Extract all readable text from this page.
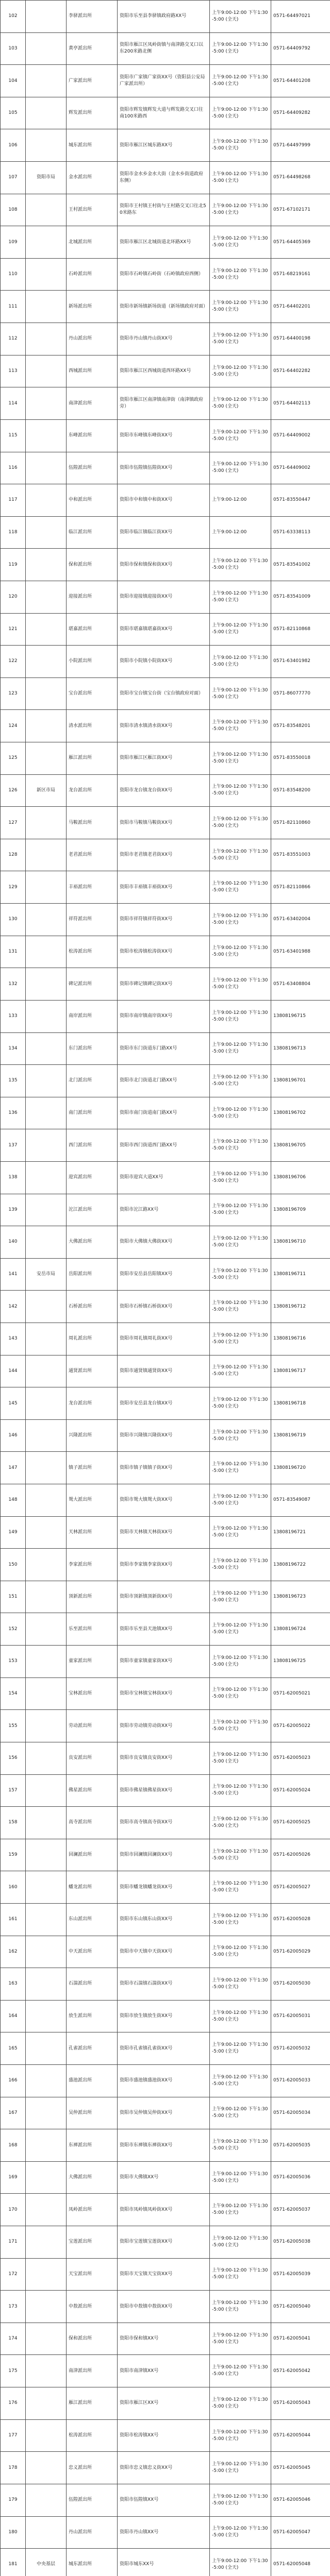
102		李驿派出所	资阳市乐至县李驿镇政府路XX号	上午9:00-12:00 下午1:30-5:00 (全天)	0571-64497021
103		黄亭派出所	资阳市雁江区凤岭街镇与南津路交叉口以东200米路北侧	上午9:00-12:00 下午1:30-5:00 (全天)	0571-64409792
104		广家派出所	资阳市广家镇广家街XX号（资阳县公安局广家派出所）	上午9:00-12:00 下午1:30-5:00 (全天)	0571-64401208
105		辉发派出所	资阳市辉发镇辉发大道与辉发路交叉口往南100米路西	上午9:00-12:00 下午1:30-5:00 (全天)	0571-64409282
106		城东派出所	资阳市雁江区城东路XX号	上午9:00-12:00 下午1:30-5:00 (全天)	0571-64497999
107	资阳市局	金水派出所	资阳市金水乡金水大街（金水乡街道政府东侧）	上午9:00-12:00 下午1:30-5:00 (全天)	0571-64498268
108		王村派出所	资阳市王村镇王村街与王村路交叉口往北50米路东	上午9:00-12:00 下午1:30-5:00 (全天)	0571-67102171
109		北城派出所	资阳市雁江区北城街道北环路XX号	上午9:00-12:00 下午1:30-5:00 (全天)	0571-64405369
110		石岭派出所	资阳市石岭镇石岭街（石岭镇政府西侧）	上午9:00-12:00 下午1:30-5:00 (全天)	0571-68219161
111		新场派出所	资阳市新场镇新场街道（新场镇政府对面）	上午9:00-12:00 下午1:30-5:00 (全天)	0571-64402201
112		丹山派出所	资阳市丹山镇丹山街XX号	上午9:00-12:00 下午1:30-5:00 (全天)	0571-64400198
113		西城派出所	资阳市雁江区西城街道西环路XX号	上午9:00-12:00 下午1:30-5:00 (全天)	0571-64402282
114		南津派出所	资阳市雁江区南津镇南津街（南津镇政府旁）	上午9:00-12:00 下午1:30-5:00 (全天)	0571-64402113
115		东峰派出所	资阳市东峰镇东峰街XX号	上午9:00-12:00 下午1:30-5:00 (全天)	0571-64409002
116		伍隍派出所	资阳市伍隍镇伍隍街XX号	上午9:00-12:00 下午1:30-5:00 (全天)	0571-64409002
117		中和派出所	资阳市中和镇中和街XX号	上午9:00-12:00	0571-83550447
118		临江派出所	资阳市临江镇临江街XX号	上午9:00-12:00	0571-63338113
119		保和派出所	资阳市保和镇保和街XX号	上午9:00-12:00 下午1:30-5:00 (全天)	0571-83541002
120		迎接派出所	资阳市迎接镇迎接街XX号	上午9:00-12:00 下午1:30-5:00 (全天)	0571-83541009
121		堪嘉派出所	资阳市堪嘉镇堪嘉街XX号	上午9:00-12:00 下午1:30-5:00 (全天)	0571-82110868
122		小院派出所	资阳市小院镇小院街XX号	上午9:00-12:00 下午1:30-5:00 (全天)	0571-63401982
123		宝台派出所	资阳市宝台镇宝台街（宝台镇政府对面）	上午9:00-12:00 下午1:30-5:00 (全天)	0571-86077770
124		清水派出所	资阳市清水镇清水街XX号	上午9:00-12:00 下午1:30-5:00 (全天)	0571-83548201
125		雁江派出所	资阳市雁江区雁江街XX号	上午9:00-12:00 下午1:30-5:00 (全天)	0571-83550018
126	新区市局	龙台派出所	资阳市龙台镇龙台街XX号	上午9:00-12:00 下午1:30-5:00 (全天)	0571-83548200
127		马鞍派出所	资阳市马鞍镇马鞍街XX号	上午9:00-12:00 下午1:30-5:00 (全天)	0571-82110860
128		老君派出所	资阳市老君镇老君街XX号	上午9:00-12:00 下午1:30-5:00 (全天)	0571-83551003
129		丰裕派出所	资阳市丰裕镇丰裕街XX号	上午9:00-12:00 下午1:30-5:00 (全天)	0571-82110866
130		祥符派出所	资阳市祥符镇祥符街XX号	上午9:00-12:00 下午1:30-5:00 (全天)	0571-63402004
131		松涛派出所	资阳市松涛镇松涛街XX号	上午9:00-12:00 下午1:30-5:00 (全天)	0571-63401988
132		碑记派出所	资阳市碑记镇碑记街XX号	上午9:00-12:00 下午1:30-5:00 (全天)	0571-63408804
133		南岸派出所	资阳市南岸镇南岸街XX号	上午9:00-12:00 下午1:30-5:00 (全天)	13808196715
134		东门派出所	资阳市东门街道东门路XX号	上午9:00-12:00 下午1:30-5:00 (全天)	13808196713
135		北门派出所	资阳市北门街道北门路XX号	上午9:00-12:00 下午1:30-5:00 (全天)	13808196701
136		南门派出所	资阳市南门街道南门路XX号	上午9:00-12:00 下午1:30-5:00 (全天)	13808196702
137		西门派出所	资阳市西门街道西门路XX号	上午9:00-12:00 下午1:30-5:00 (全天)	13808196705
138		迎宾派出所	资阳市迎宾大道XX号	上午9:00-12:00 下午1:30-5:00 (全天)	13808196706
139		沱江派出所	资阳市沱江路XX号	上午9:00-12:00 下午1:30-5:00 (全天)	13808196709
140		大佛派出所	资阳市大佛镇大佛街XX号	上午9:00-12:00 下午1:30-5:00 (全天)	13808196710
141	安岳市局	岳阳派出所	资阳市安岳县岳阳镇XX号	上午9:00-12:00 下午1:30-5:00 (全天)	13808196711
142		石桥派出所	资阳市石桥镇石桥街XX号	上午9:00-12:00 下午1:30-5:00 (全天)	13808196712
143		周礼派出所	资阳市周礼镇周礼街XX号	上午9:00-12:00 下午1:30-5:00 (全天)	13808196716
144		通贤派出所	资阳市通贤镇通贤街XX号	上午9:00-12:00 下午1:30-5:00 (全天)	13808196717
145		龙台派出所	资阳市安岳县龙台镇XX号	上午9:00-12:00 下午1:30-5:00 (全天)	13808196718
146		兴隆派出所	资阳市兴隆镇兴隆街XX号	上午9:00-12:00 下午1:30-5:00 (全天)	13808196719
147		镇子派出所	资阳市镇子镇镇子街XX号	上午9:00-12:00 下午1:30-5:00 (全天)	13808196720
148		鸳大派出所	资阳市鸳大镇鸳大街XX号	上午9:00-12:00 下午1:30-5:00 (全天)	0571-83549087
149		天林派出所	资阳市天林镇天林街XX号	上午9:00-12:00 下午1:30-5:00 (全天)	13808196721
150		李家派出所	资阳市李家镇李家街XX号	上午9:00-12:00 下午1:30-5:00 (全天)	13808196722
151		顶新派出所	资阳市顶新镇顶新街XX号	上午9:00-12:00 下午1:30-5:00 (全天)	13808196723
152		乐至派出所	资阳市乐至县天池镇XX号	上午9:00-12:00 下午1:30-5:00 (全天)	13808196724
153		童家派出所	资阳市童家镇童家街XX号	上午9:00-12:00 下午1:30-5:00 (全天)	13808196725
154		宝林派出所	资阳市宝林镇宝林街XX号	上午9:00-12:00 下午1:30-5:00 (全天)	0571-62005021
155		劳动派出所	资阳市劳动镇劳动街XX号	上午9:00-12:00 下午1:30-5:00 (全天)	0571-62005022
156		良安派出所	资阳市良安镇良安街XX号	上午9:00-12:00 下午1:30-5:00 (全天)	0571-62005023
157		佛星派出所	资阳市佛星镇佛星街XX号	上午9:00-12:00 下午1:30-5:00 (全天)	0571-62005024
158		高寺派出所	资阳市高寺镇高寺街XX号	上午9:00-12:00 下午1:30-5:00 (全天)	0571-62005025
159		回澜派出所	资阳市回澜镇回澜街XX号	上午9:00-12:00 下午1:30-5:00 (全天)	0571-62005026
160		蟠龙派出所	资阳市蟠龙镇蟠龙街XX号	上午9:00-12:00 下午1:30-5:00 (全天)	0571-62005027
161		东山派出所	资阳市东山镇东山街XX号	上午9:00-12:00 下午1:30-5:00 (全天)	0571-62005028
162		中天派出所	资阳市中天镇中天街XX号	上午9:00-12:00 下午1:30-5:00 (全天)	0571-62005029
163		石湍派出所	资阳市石湍镇石湍街XX号	上午9:00-12:00 下午1:30-5:00 (全天)	0571-62005030
164		放生派出所	资阳市放生镇放生街XX号	上午9:00-12:00 下午1:30-5:00 (全天)	0571-62005031
165		孔雀派出所	资阳市孔雀镇孔雀街XX号	上午9:00-12:00 下午1:30-5:00 (全天)	0571-62005032
166		盛池派出所	资阳市盛池镇盛池街XX号	上午9:00-12:00 下午1:30-5:00 (全天)	0571-62005033
167		吴仲派出所	资阳市吴仲镇吴仲街XX号	上午9:00-12:00 下午1:30-5:00 (全天)	0571-62005034
168		东禅派出所	资阳市东禅镇东禅街XX号	上午9:00-12:00 下午1:30-5:00 (全天)	0571-62005035
169		大佛派出所	资阳市大佛镇XX号	上午9:00-12:00 下午1:30-5:00 (全天)	0571-62005036
170		凤岭派出所	资阳市凤岭镇凤岭街XX号	上午9:00-12:00 下午1:30-5:00 (全天)	0571-62005037
171		宝莲派出所	资阳市宝莲镇宝莲街XX号	上午9:00-12:00 下午1:30-5:00 (全天)	0571-62005038
172		天宝派出所	资阳市天宝镇天宝街XX号	上午9:00-12:00 下午1:30-5:00 (全天)	0571-62005039
173		中敖派出所	资阳市中敖镇中敖街XX号	上午9:00-12:00 下午1:30-5:00 (全天)	0571-62005040
174		保和派出所	资阳市保和镇XX号	上午9:00-12:00 下午1:30-5:00 (全天)	0571-62005041
175		南津派出所	资阳市南津镇XX号	上午9:00-12:00 下午1:30-5:00 (全天)	0571-62005042
176		雁江派出所	资阳市雁江区XX号	上午9:00-12:00 下午1:30-5:00 (全天)	0571-62005043
177		松涛派出所	资阳市松涛镇XX号	上午9:00-12:00 下午1:30-5:00 (全天)	0571-62005044
178		忠义派出所	资阳市忠义镇忠义街XX号	上午9:00-12:00 下午1:30-5:00 (全天)	0571-62005045
179		伍隍派出所	资阳市伍隍镇XX号	上午9:00-12:00 下午1:30-5:00 (全天)	0571-62005046
180		丹山派出所	资阳市丹山镇XX号	上午9:00-12:00 下午1:30-5:00 (全天)	0571-62005047
181	中央基层	城东派出所	资阳市城东XX号	上午9:00-12:00 下午1:30-5:00 (全天)	0571-62005048
